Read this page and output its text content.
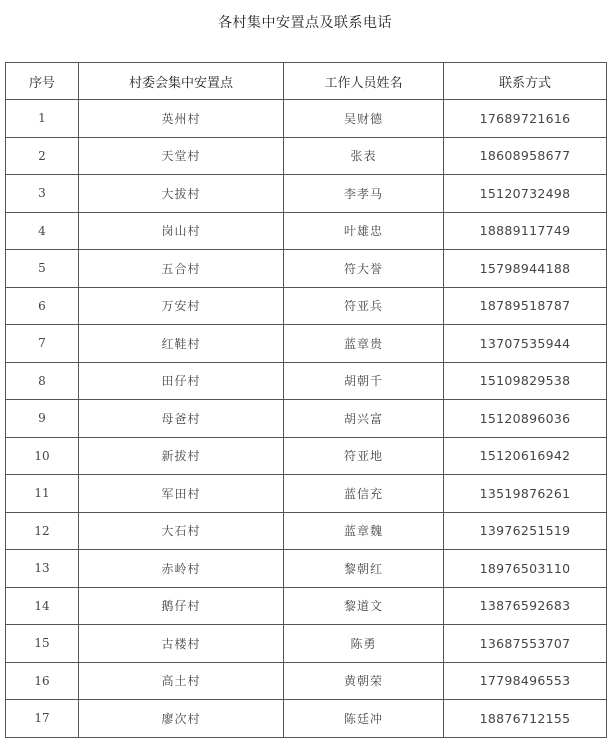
各村集中安置点及联系电话
序号	村委会集中安置点	工作人员姓名	联系方式
1	英州村	吴财德	17689721616
2	天堂村	张表	18608958677
3	大拔村	李孝马	15120732498
4	岗山村	叶雄忠	18889117749
5	五合村	符大誉	15798944188
6	万安村	符亚兵	18789518787
7	红鞋村	蓝章贵	13707535944
8	田仔村	胡朝千	15109829538
9	母爸村	胡兴富	15120896036
10	新拔村	符亚地	15120616942
11	军田村	蓝信充	13519876261
12	大石村	蓝章魏	13976251519
13	赤岭村	黎朝红	18976503110
14	鹅仔村	黎道文	13876592683
15	古楼村	陈勇	13687553707
16	高土村	黄朝荣	17798496553
17	廖次村	陈廷冲	18876712155
